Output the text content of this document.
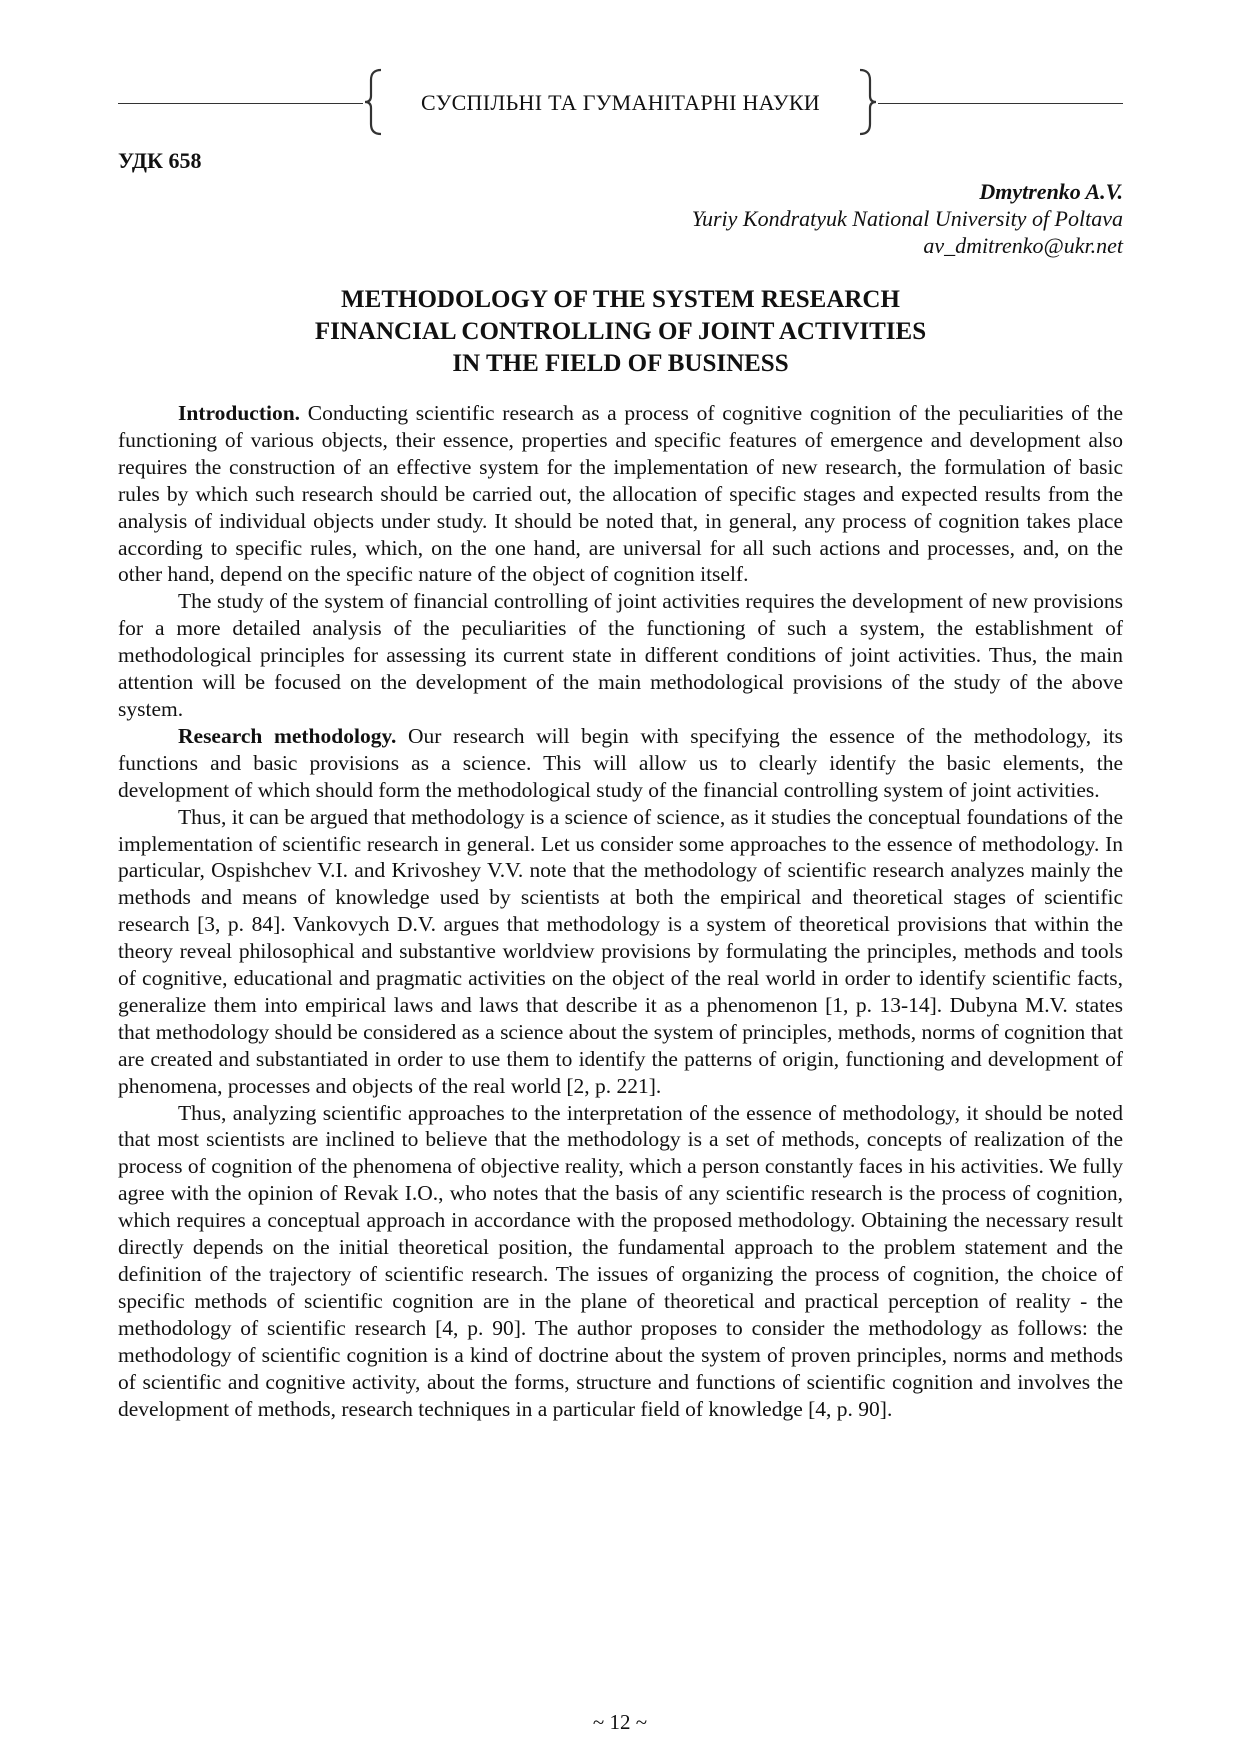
СУСПІЛЬНІ ТА ГУМАНІТАРНІ НАУКИ
УДК 658
Dmytrenko A.V.
Yuriy Kondratyuk National University of Poltava
av_dmitrenko@ukr.net
METHODOLOGY OF THE SYSTEM RESEARCH
FINANCIAL CONTROLLING OF JOINT ACTIVITIES
IN THE FIELD OF BUSINESS

Introduction. Conducting scientific research as a process of cognitive cognition of the peculiarities of the functioning of various objects, their essence, properties and specific features of emergence and development also requires the construction of an effective system for the implementation of new research, the formulation of basic rules by which such research should be carried out, the allocation of specific stages and expected results from the analysis of individual objects under study. It should be noted that, in general, any process of cognition takes place according to specific rules, which, on the one hand, are universal for all such actions and processes, and, on the other hand, depend on the specific nature of the object of cognition itself.

The study of the system of financial controlling of joint activities requires the development of new provisions for a more detailed analysis of the peculiarities of the functioning of such a system, the establishment of methodological principles for assessing its current state in different conditions of joint activities. Thus, the main attention will be focused on the development of the main methodological provisions of the study of the above system.

Research methodology. Our research will begin with specifying the essence of the methodology, its functions and basic provisions as a science. This will allow us to clearly identify the basic elements, the development of which should form the methodological study of the financial controlling system of joint activities.

Thus, it can be argued that methodology is a science of science, as it studies the conceptual foundations of the implementation of scientific research in general. Let us consider some approaches to the essence of methodology. In particular, Ospishchev V.I. and Krivoshey V.V. note that the methodology of scientific research analyzes mainly the methods and means of knowledge used by scientists at both the empirical and theoretical stages of scientific research [3, p. 84]. Vankovych D.V. argues that methodology is a system of theoretical provisions that within the theory reveal philosophical and substantive worldview provisions by formulating the principles, methods and tools of cognitive, educational and pragmatic activities on the object of the real world in order to identify scientific facts, generalize them into empirical laws and laws that describe it as a phenomenon [1, p. 13-14]. Dubyna M.V. states that methodology should be considered as a science about the system of principles, methods, norms of cognition that are created and substantiated in order to use them to identify the patterns of origin, functioning and development of phenomena, processes and objects of the real world [2, p. 221].

Thus, analyzing scientific approaches to the interpretation of the essence of methodology, it should be noted that most scientists are inclined to believe that the methodology is a set of methods, concepts of realization of the process of cognition of the phenomena of objective reality, which a person constantly faces in his activities. We fully agree with the opinion of Revak I.O., who notes that the basis of any scientific research is the process of cognition, which requires a conceptual approach in accordance with the proposed methodology. Obtaining the necessary result directly depends on the initial theoretical position, the fundamental approach to the problem statement and the definition of the trajectory of scientific research. The issues of organizing the process of cognition, the choice of specific methods of scientific cognition are in the plane of theoretical and practical perception of reality - the methodology of scientific research [4, p. 90]. The author proposes to consider the methodology as follows: the methodology of scientific cognition is a kind of doctrine about the system of proven principles, norms and methods of scientific and cognitive activity, about the forms, structure and functions of scientific cognition and involves the development of methods, research techniques in a particular field of knowledge [4, p. 90].

~ 12 ~
